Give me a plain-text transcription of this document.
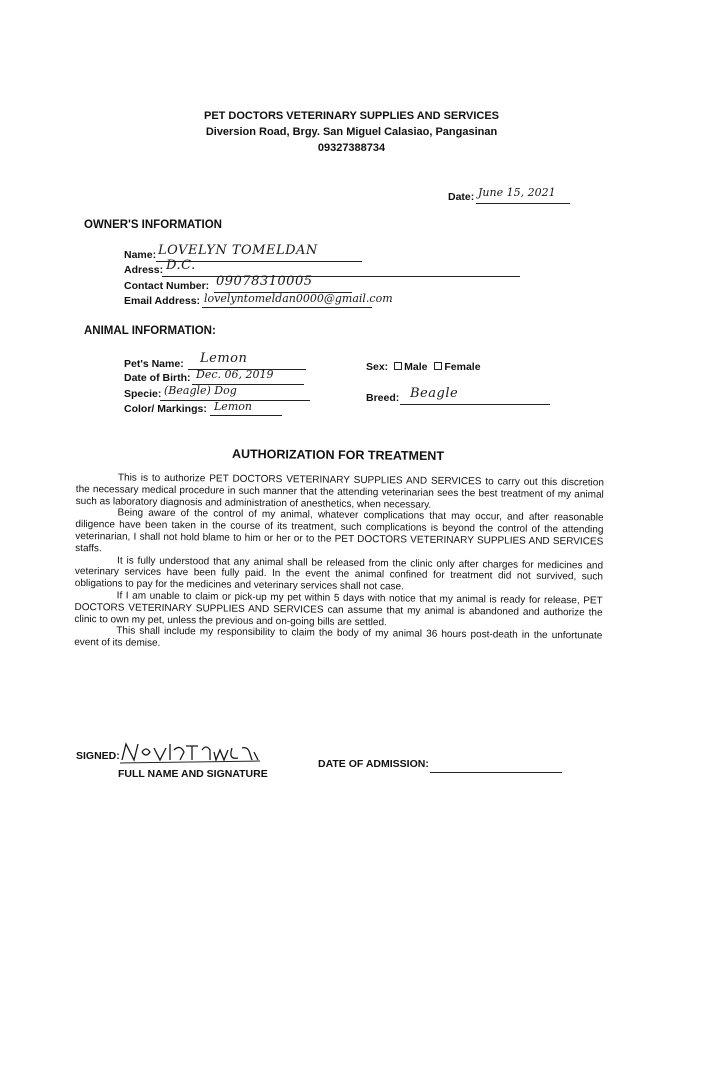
PET DOCTORS VETERINARY SUPPLIES AND SERVICES
Diversion Road, Brgy. San Miguel Calasiao, Pangasinan
09327388734
Date: June 15, 2021
OWNER'S INFORMATION
Name: LOVELYN TOMELDAN
Adress: D.C.
Contact Number: 09078310005
Email Address: lovelyntomeldan0000@gmail.com
ANIMAL INFORMATION:
Pet's Name: Lemon
Date of Birth: Dec. 06, 2019
Specie: (Beagle) Dog
Color/ Markings: Lemon
Sex: Male Female
Breed: Beagle
AUTHORIZATION FOR TREATMENT

This is to authorize PET DOCTORS VETERINARY SUPPLIES AND SERVICES to carry out this discretion the necessary medical procedure in such manner that the attending veterinarian sees the best treatment of my animal such as laboratory diagnosis and administration of anesthetics, when necessary.

Being aware of the control of my animal, whatever complications that may occur, and after reasonable diligence have been taken in the course of its treatment, such complications is beyond the control of the attending veterinarian, I shall not hold blame to him or her or to the PET DOCTORS VETERINARY SUPPLIES AND SERVICES staffs.

It is fully understood that any animal shall be released from the clinic only after charges for medicines and veterinary services have been fully paid. In the event the animal confined for treatment did not survived, such obligations to pay for the medicines and veterinary services shall not case.

If I am unable to claim or pick-up my pet within 5 days with notice that my animal is ready for release, PET DOCTORS VETERINARY SUPPLIES AND SERVICES can assume that my animal is abandoned and authorize the clinic to own my pet, unless the previous and on-going bills are settled.

This shall include my responsibility to claim the body of my animal 36 hours post-death in the unfortunate event of its demise.

SIGNED:
FULL NAME AND SIGNATURE
DATE OF ADMISSION:
